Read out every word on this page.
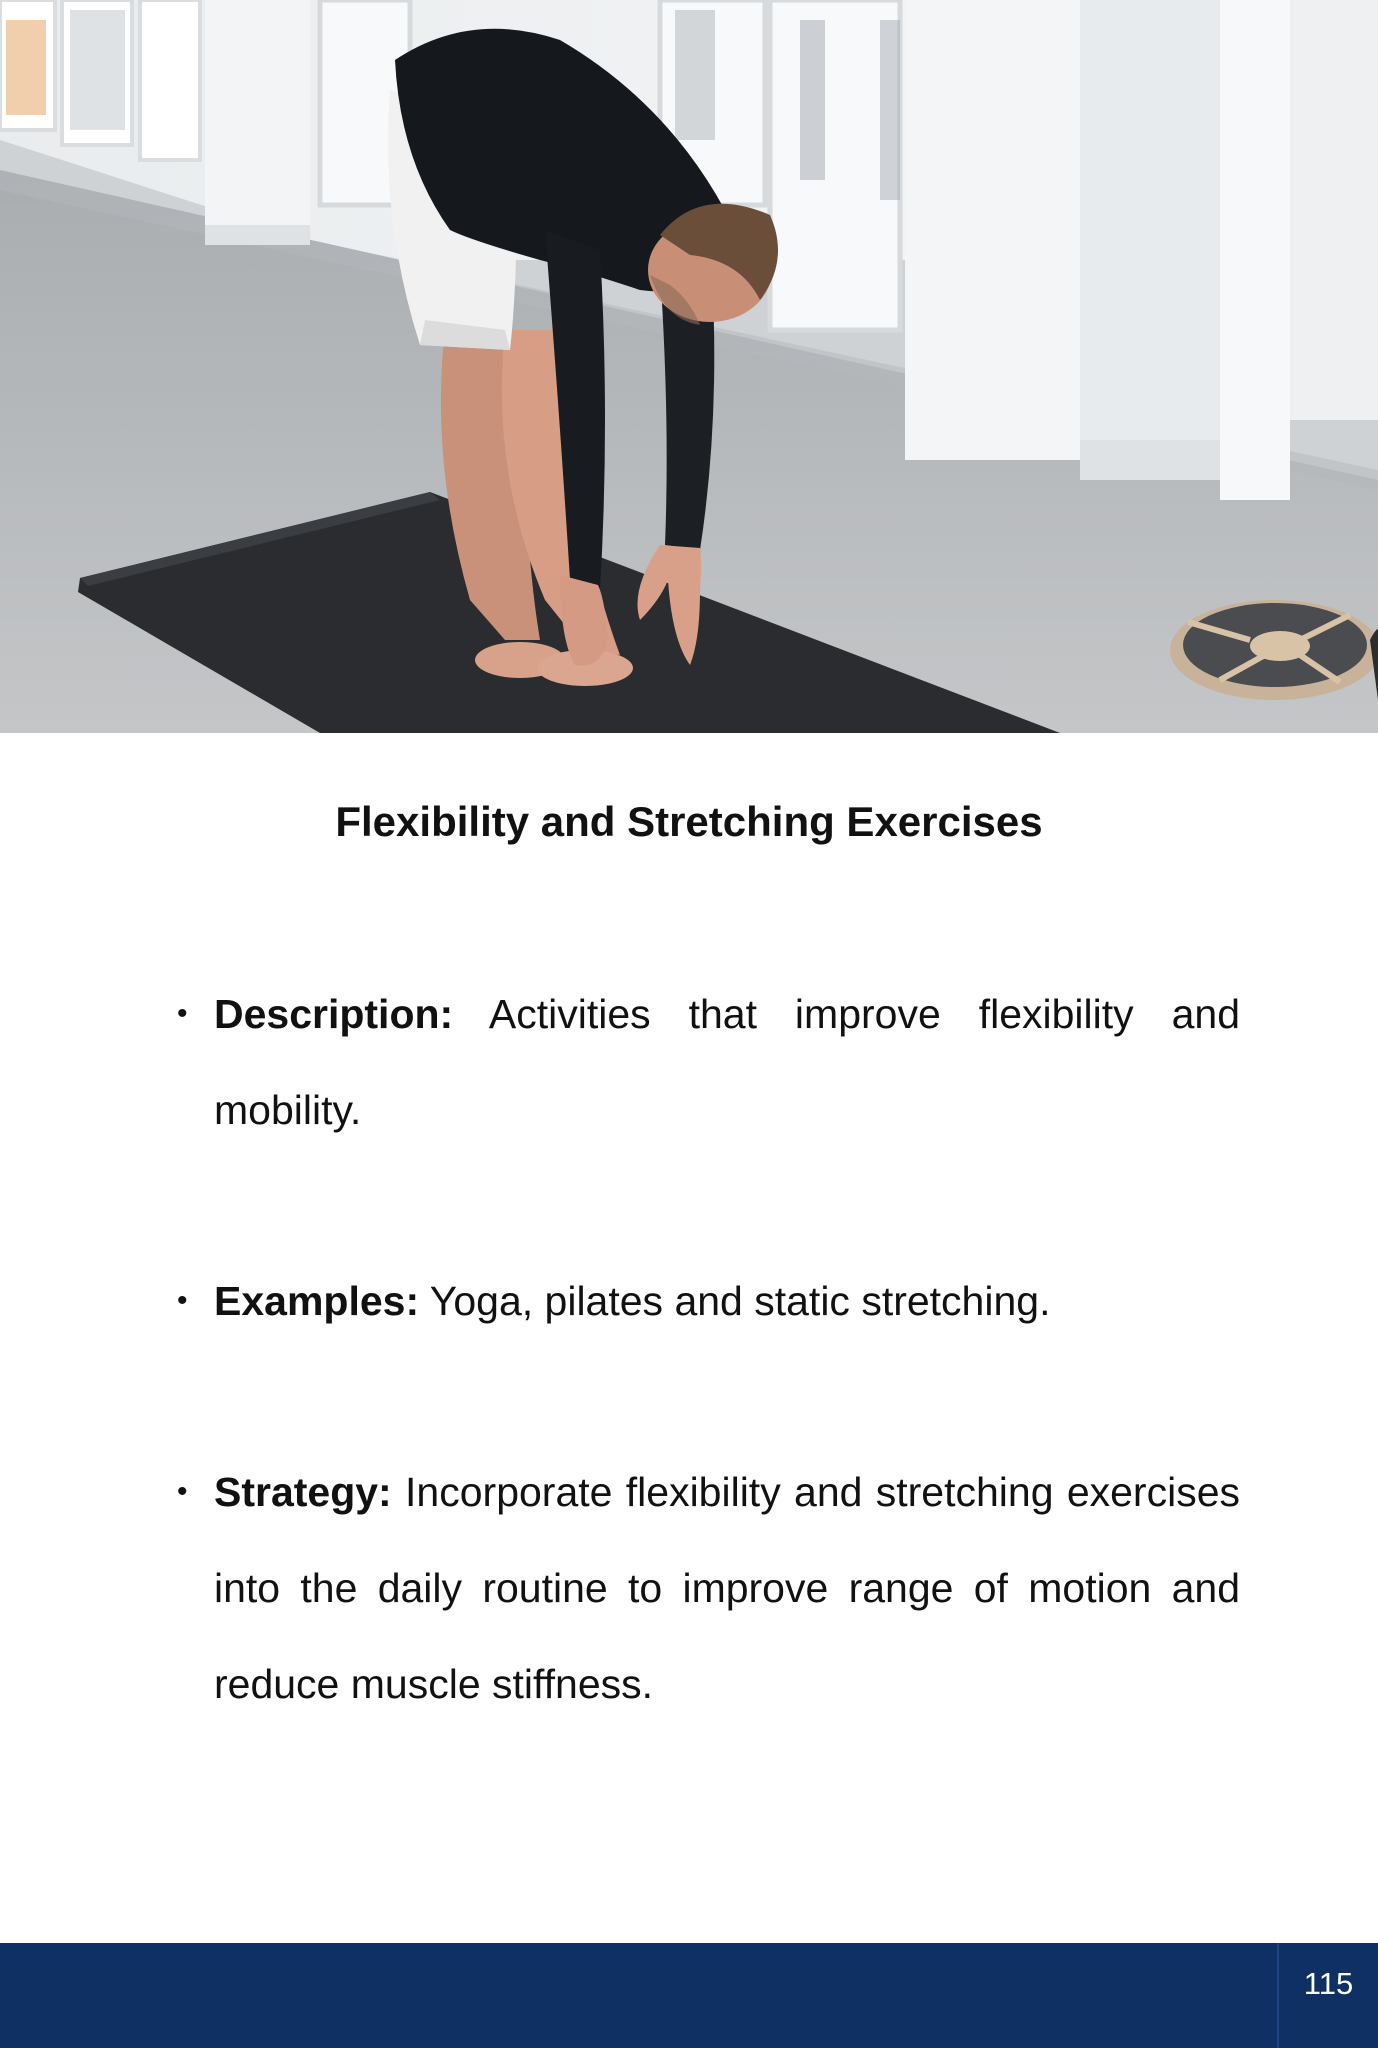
Flexibility and Stretching Exercises
• Description: Activities that improve flexibility and mobility.
• Examples: Yoga, pilates and static stretching.
• Strategy: Incorporate flexibility and stretching exercises into the daily routine to improve range of motion and reduce muscle stiffness.
115
